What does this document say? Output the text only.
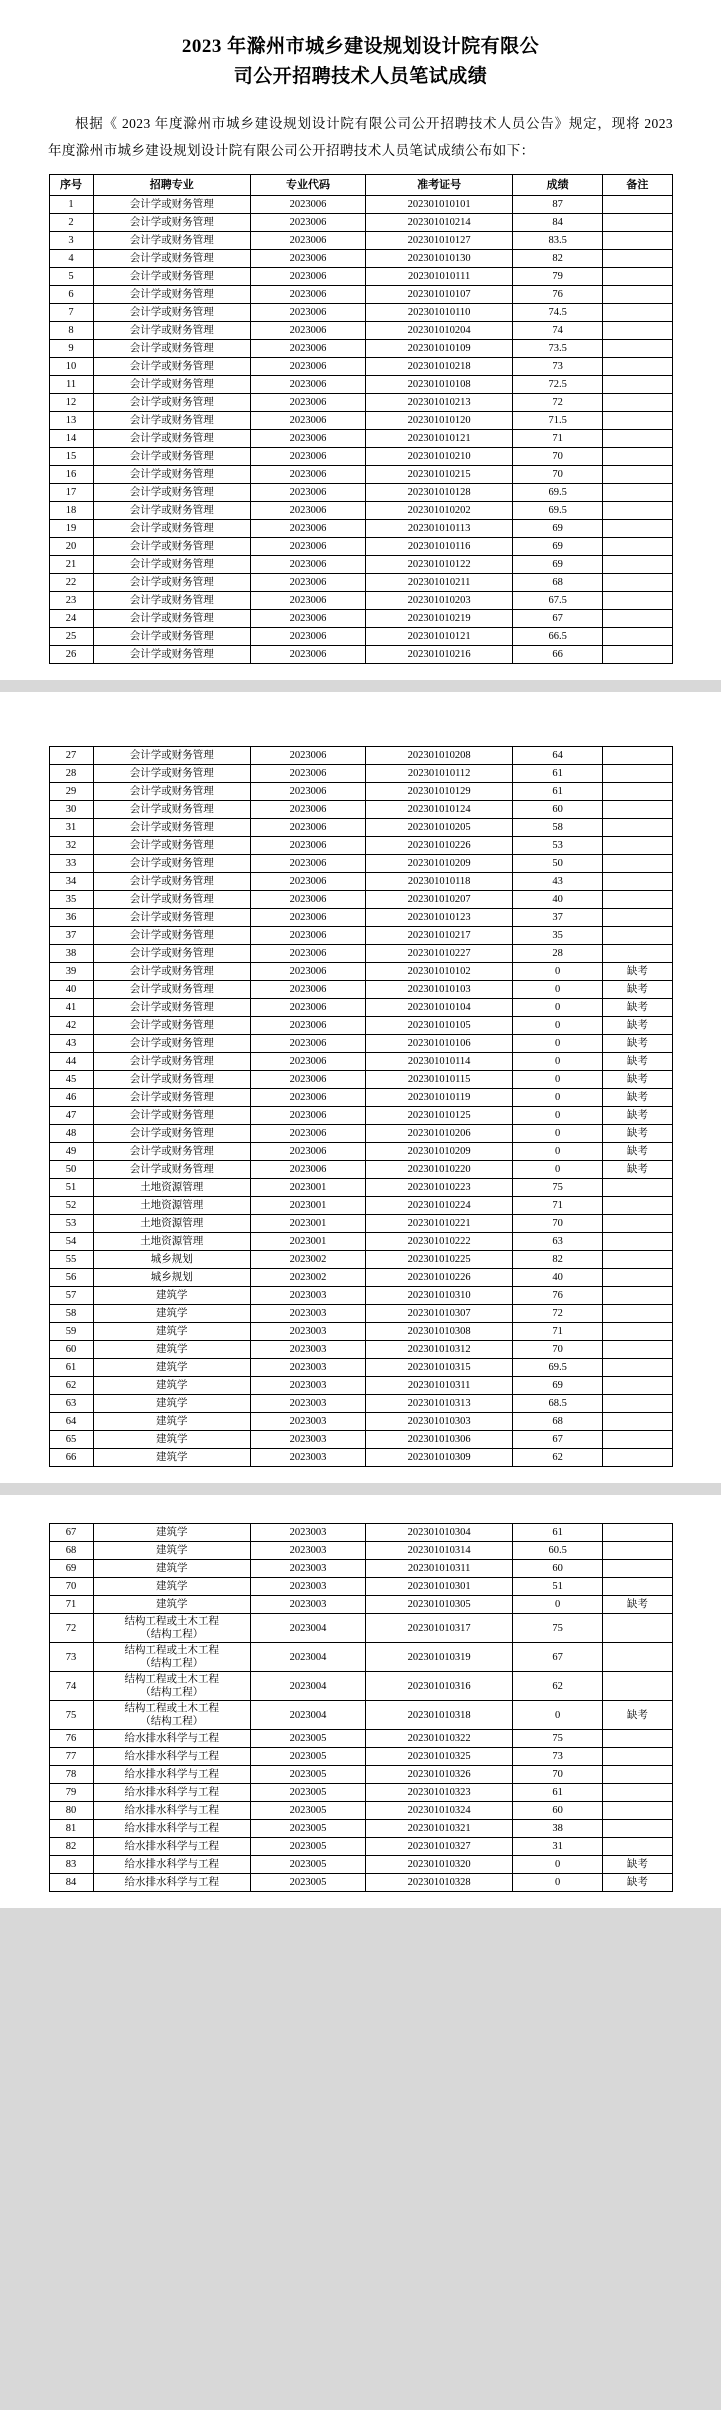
2023 年滁州市城乡建设规划设计院有限公
司公开招聘技术人员笔试成绩
根据《 2023 年度滁州市城乡建设规划设计院有限公司公开招聘技术人员公告》规定，现将 2023 年度滁州市城乡建设规划设计院有限公司公开招聘技术人员笔试成绩公布如下：
序号	招聘专业	专业代码	准考证号	成绩	备注
1	会计学或财务管理	2023006	202301010101	87	
2	会计学或财务管理	2023006	202301010214	84	
3	会计学或财务管理	2023006	202301010127	83.5	
4	会计学或财务管理	2023006	202301010130	82	
5	会计学或财务管理	2023006	202301010111	79	
6	会计学或财务管理	2023006	202301010107	76	
7	会计学或财务管理	2023006	202301010110	74.5	
8	会计学或财务管理	2023006	202301010204	74	
9	会计学或财务管理	2023006	202301010109	73.5	
10	会计学或财务管理	2023006	202301010218	73	
11	会计学或财务管理	2023006	202301010108	72.5	
12	会计学或财务管理	2023006	202301010213	72	
13	会计学或财务管理	2023006	202301010120	71.5	
14	会计学或财务管理	2023006	202301010121	71	
15	会计学或财务管理	2023006	202301010210	70	
16	会计学或财务管理	2023006	202301010215	70	
17	会计学或财务管理	2023006	202301010128	69.5	
18	会计学或财务管理	2023006	202301010202	69.5	
19	会计学或财务管理	2023006	202301010113	69	
20	会计学或财务管理	2023006	202301010116	69	
21	会计学或财务管理	2023006	202301010122	69	
22	会计学或财务管理	2023006	202301010211	68	
23	会计学或财务管理	2023006	202301010203	67.5	
24	会计学或财务管理	2023006	202301010219	67	
25	会计学或财务管理	2023006	202301010121	66.5	
26	会计学或财务管理	2023006	202301010216	66	
27	会计学或财务管理	2023006	202301010208	64	
28	会计学或财务管理	2023006	202301010112	61	
29	会计学或财务管理	2023006	202301010129	61	
30	会计学或财务管理	2023006	202301010124	60	
31	会计学或财务管理	2023006	202301010205	58	
32	会计学或财务管理	2023006	202301010226	53	
33	会计学或财务管理	2023006	202301010209	50	
34	会计学或财务管理	2023006	202301010118	43	
35	会计学或财务管理	2023006	202301010207	40	
36	会计学或财务管理	2023006	202301010123	37	
37	会计学或财务管理	2023006	202301010217	35	
38	会计学或财务管理	2023006	202301010227	28	
39	会计学或财务管理	2023006	202301010102	0	缺考
40	会计学或财务管理	2023006	202301010103	0	缺考
41	会计学或财务管理	2023006	202301010104	0	缺考
42	会计学或财务管理	2023006	202301010105	0	缺考
43	会计学或财务管理	2023006	202301010106	0	缺考
44	会计学或财务管理	2023006	202301010114	0	缺考
45	会计学或财务管理	2023006	202301010115	0	缺考
46	会计学或财务管理	2023006	202301010119	0	缺考
47	会计学或财务管理	2023006	202301010125	0	缺考
48	会计学或财务管理	2023006	202301010206	0	缺考
49	会计学或财务管理	2023006	202301010209	0	缺考
50	会计学或财务管理	2023006	202301010220	0	缺考
51	土地资源管理	2023001	202301010223	75	
52	土地资源管理	2023001	202301010224	71	
53	土地资源管理	2023001	202301010221	70	
54	土地资源管理	2023001	202301010222	63	
55	城乡规划	2023002	202301010225	82	
56	城乡规划	2023002	202301010226	40	
57	建筑学	2023003	202301010310	76	
58	建筑学	2023003	202301010307	72	
59	建筑学	2023003	202301010308	71	
60	建筑学	2023003	202301010312	70	
61	建筑学	2023003	202301010315	69.5	
62	建筑学	2023003	202301010311	69	
63	建筑学	2023003	202301010313	68.5	
64	建筑学	2023003	202301010303	68	
65	建筑学	2023003	202301010306	67	
66	建筑学	2023003	202301010309	62	
67	建筑学	2023003	202301010304	61	
68	建筑学	2023003	202301010314	60.5	
69	建筑学	2023003	202301010311	60	
70	建筑学	2023003	202301010301	51	
71	建筑学	2023003	202301010305	0	缺考
72	结构工程或土木工程
（结构工程）	2023004	202301010317	75	
73	结构工程或土木工程
（结构工程）	2023004	202301010319	67	
74	结构工程或土木工程
（结构工程）	2023004	202301010316	62	
75	结构工程或土木工程
（结构工程）	2023004	202301010318	0	缺考
76	给水排水科学与工程	2023005	202301010322	75	
77	给水排水科学与工程	2023005	202301010325	73	
78	给水排水科学与工程	2023005	202301010326	70	
79	给水排水科学与工程	2023005	202301010323	61	
80	给水排水科学与工程	2023005	202301010324	60	
81	给水排水科学与工程	2023005	202301010321	38	
82	给水排水科学与工程	2023005	202301010327	31	
83	给水排水科学与工程	2023005	202301010320	0	缺考
84	给水排水科学与工程	2023005	202301010328	0	缺考
